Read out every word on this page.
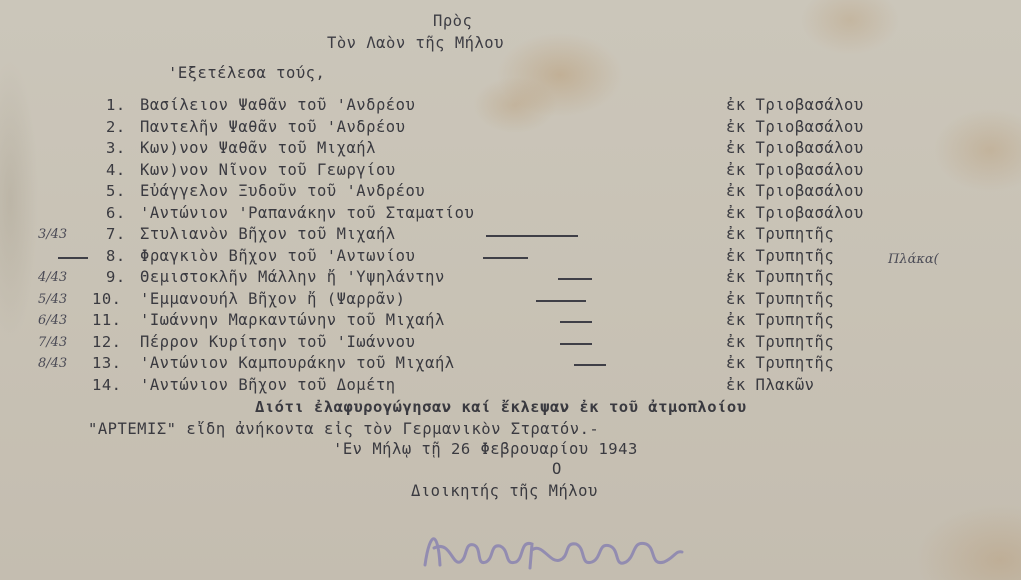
Πρòς
Τòν Λαòν τῆς Μήλου
'Εξετέλεσα τούς,
1. Βασίλειον Ψαθᾶν τοῦ 'Ανδρέου	ἐκ Τριοβασάλου
2. Παντελῆν Ψαθᾶν τοῦ 'Ανδρέου	ἐκ Τριοβασάλου
3. Κων)νον Ψαθᾶν τοῦ Μιχαήλ	ἐκ Τριοβασάλου
4. Κων)νον Νῖνον τοῦ Γεωργίου	ἐκ Τριοβασάλου
5. Εὐάγγελον Ξυδοῦν τοῦ 'Ανδρέου	ἐκ Τριοβασάλου
6. 'Αντώνιον 'Ραπανάκην τοῦ Σταματίου	ἐκ Τριοβασάλου
7. Στυλιανòν Βῆχον τοῦ Μιχαήλ	ἐκ Τρυπητῆς
3/43
8. Φραγκιòν Βῆχον τοῦ 'Αντωνίου	ἐκ Τρυπητῆς
9. Θεμιστοκλῆν Μάλλην ἤ 'Υψηλάντην	ἐκ Τρυπητῆς
4/43
10. 'Εμμανουήλ Βῆχον ἤ (Ψαρρᾶν)	ἐκ Τρυπητῆς
5/43
11. 'Ιωάννην Μαρκαντώνην τοῦ Μιχαήλ	ἐκ Τρυπητῆς
6/43
12. Πέρρον Κυρίτσην τοῦ 'Ιωάννου	ἐκ Τρυπητῆς
7/43
13. 'Αντώνιον Καμπουράκην τοῦ Μιχαήλ	ἐκ Τρυπητῆς
8/43
14. 'Αντώνιον Βῆχον τοῦ Δομέτη	ἐκ Πλακῶν
Πλάκα(
Διότι ἐλαφυρογώγησαν καί ἔκλεψαν ἐκ τοῦ ἀτμοπλοίου
"ΑΡΤΕΜΙΣ" εἴδη ἀνήκοντα εἰς τòν Γερμανικòν Στρατόν.-
'Εν Μήλῳ τῇ 26 Φεβρουαρίου 1943
Ο
Διοικητής τῆς Μήλου
